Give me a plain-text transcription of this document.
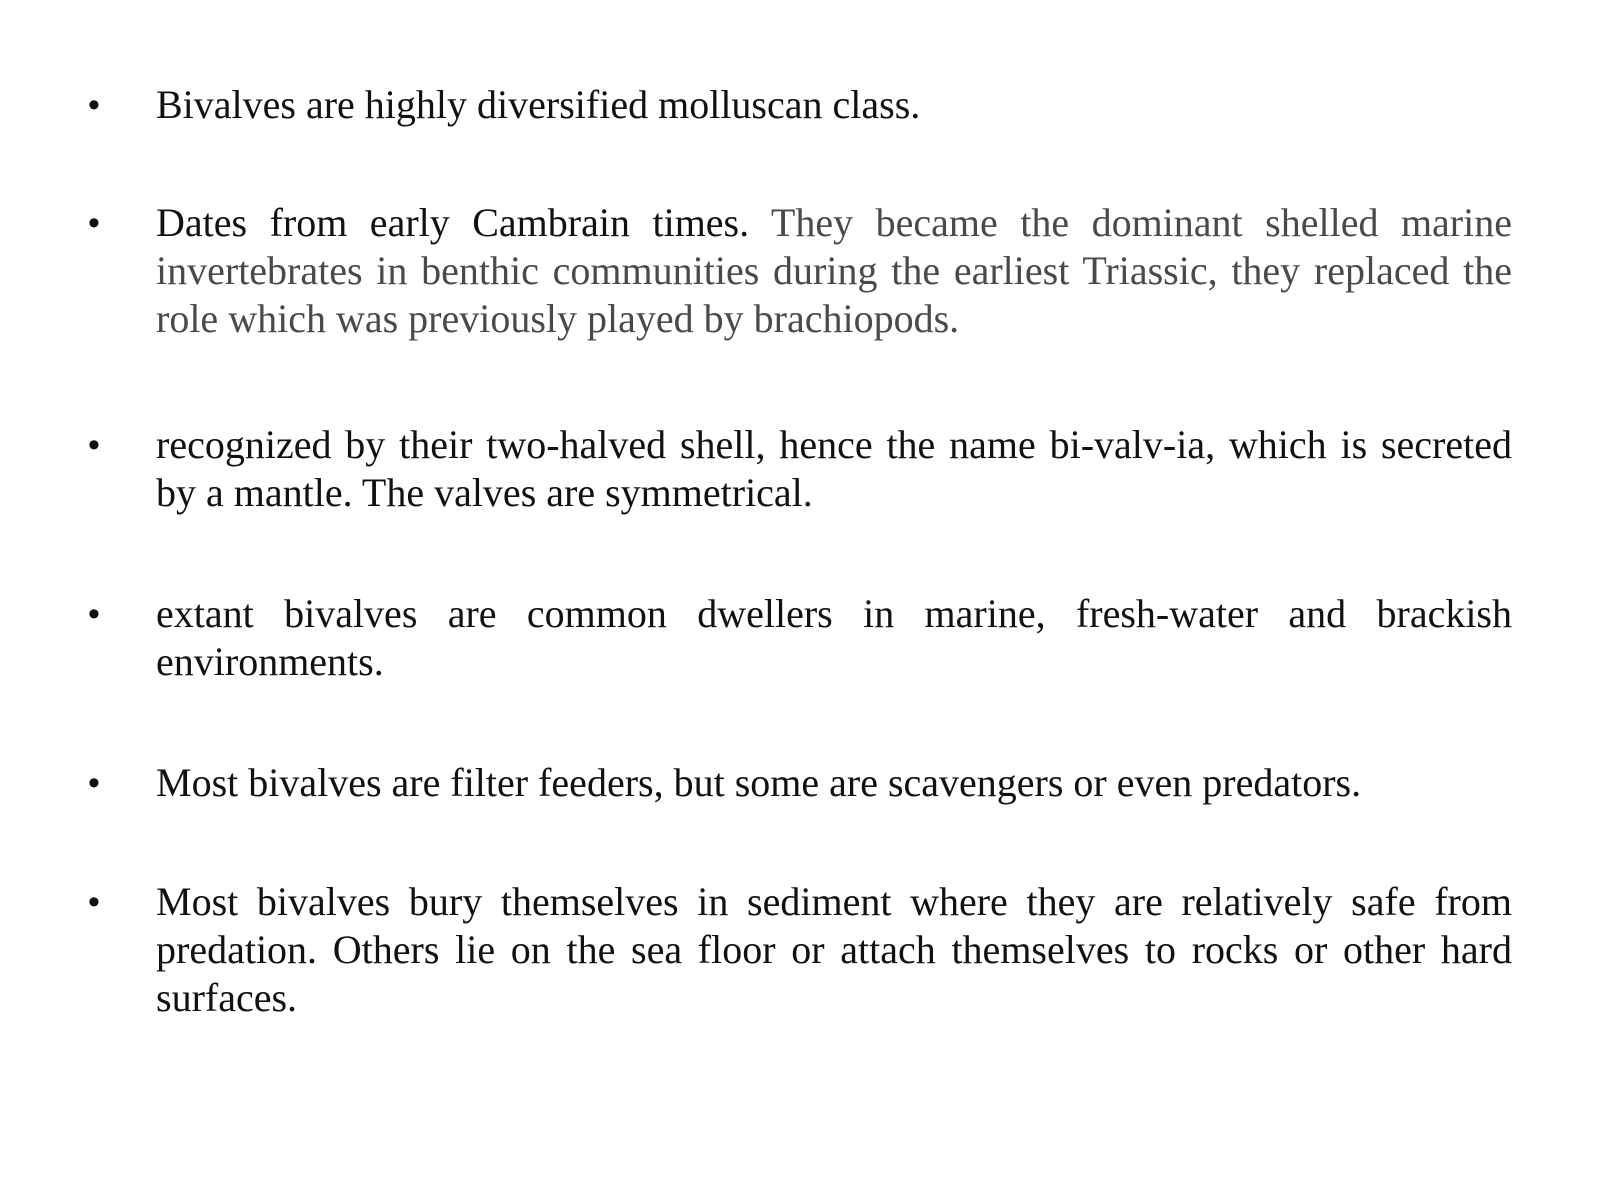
• Bivalves are highly diversified molluscan class.

• Dates from early Cambrain times. They became the dominant shelled marine invertebrates in benthic communities during the earliest Triassic, they replaced the role which was previously played by brachiopods.

• recognized by their two-halved shell, hence the name bi-valv-ia, which is secreted by a mantle. The valves are symmetrical.

• extant bivalves are common dwellers in marine, fresh-water and brackish environments.

• Most bivalves are filter feeders, but some are scavengers or even predators.

• Most bivalves bury themselves in sediment where they are relatively safe from predation. Others lie on the sea floor or attach themselves to rocks or other hard surfaces.
